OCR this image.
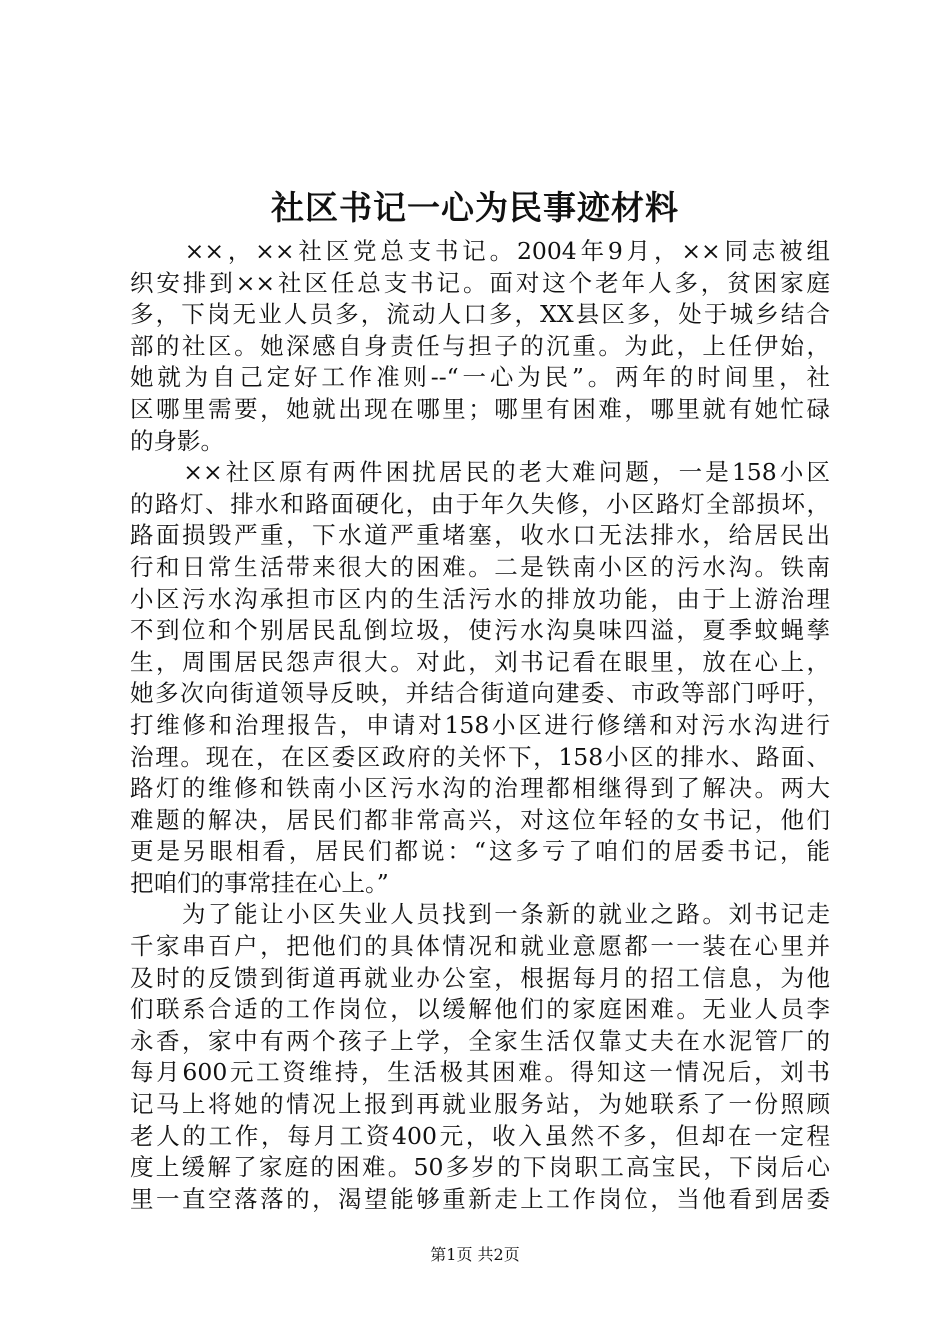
社区书记一心为民事迹材料
　　××，××社区党总支书记。2004年9月，××同志被组
织安排到××社区任总支书记。面对这个老年人多，贫困家庭
多，下岗无业人员多，流动人口多，XX县区多，处于城乡结合
部的社区。她深感自身责任与担子的沉重。为此，上任伊始，
她就为自己定好工作准则--“一心为民”。两年的时间里，社
区哪里需要，她就出现在哪里；哪里有困难，哪里就有她忙碌
的身影。
　　××社区原有两件困扰居民的老大难问题，一是158小区
的路灯、排水和路面硬化，由于年久失修，小区路灯全部损坏，
路面损毁严重，下水道严重堵塞，收水口无法排水，给居民出
行和日常生活带来很大的困难。二是铁南小区的污水沟。铁南
小区污水沟承担市区内的生活污水的排放功能，由于上游治理
不到位和个别居民乱倒垃圾，使污水沟臭味四溢，夏季蚊蝇孳
生，周围居民怨声很大。对此，刘书记看在眼里，放在心上，
她多次向街道领导反映，并结合街道向建委、市政等部门呼吁，
打维修和治理报告，申请对158小区进行修缮和对污水沟进行
治理。现在，在区委区政府的关怀下，158小区的排水、路面、
路灯的维修和铁南小区污水沟的治理都相继得到了解决。两大
难题的解决，居民们都非常高兴，对这位年轻的女书记，他们
更是另眼相看，居民们都说：“这多亏了咱们的居委书记，能
把咱们的事常挂在心上。”
　　为了能让小区失业人员找到一条新的就业之路。刘书记走
千家串百户，把他们的具体情况和就业意愿都一一装在心里并
及时的反馈到街道再就业办公室，根据每月的招工信息，为他
们联系合适的工作岗位，以缓解他们的家庭困难。无业人员李
永香，家中有两个孩子上学，全家生活仅靠丈夫在水泥管厂的
每月600元工资维持，生活极其困难。得知这一情况后，刘书
记马上将她的情况上报到再就业服务站，为她联系了一份照顾
老人的工作，每月工资400元，收入虽然不多，但却在一定程
度上缓解了家庭的困难。50多岁的下岗职工高宝民，下岗后心
里一直空落落的，渴望能够重新走上工作岗位，当他看到居委
第1页 共2页
